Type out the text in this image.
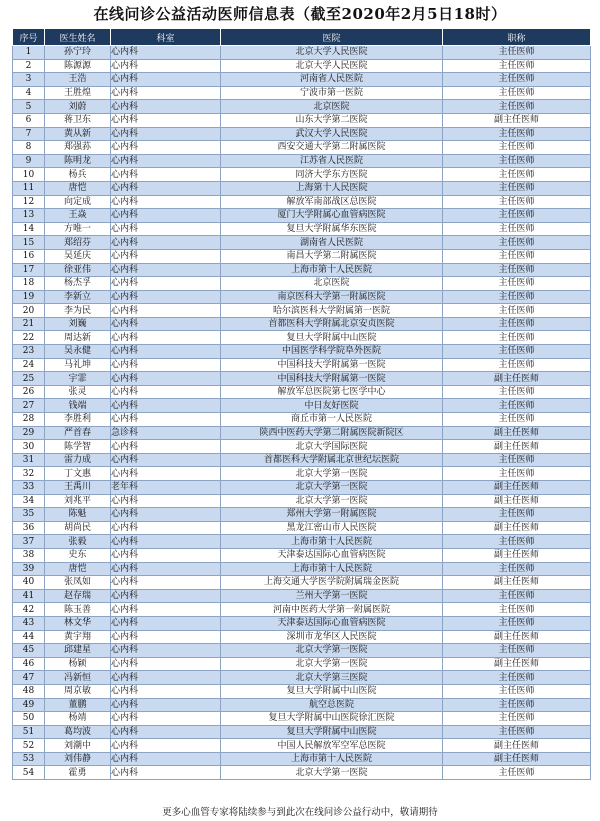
在线问诊公益活动医师信息表（截至2020年2月5日18时）
序号	医生姓名	科室	医院	职称
1	孙宁玲	心内科	北京大学人民医院	主任医师
2	陈源源	心内科	北京大学人民医院	主任医师
3	王浩	心内科	河南省人民医院	主任医师
4	王胜煌	心内科	宁波市第一医院	主任医师
5	刘蔚	心内科	北京医院	主任医师
6	蒋卫东	心内科	山东大学第二医院	副主任医师
7	黄从新	心内科	武汉大学人民医院	主任医师
8	郑强荪	心内科	西安交通大学第二附属医院	主任医师
9	陈明龙	心内科	江苏省人民医院	主任医师
10	杨兵	心内科	同济大学东方医院	主任医师
11	唐恺	心内科	上海第十人民医院	主任医师
12	向定成	心内科	解放军南部战区总医院	主任医师
13	王焱	心内科	厦门大学附属心血管病医院	主任医师
14	方唯一	心内科	复旦大学附属华东医院	主任医师
15	郑绍芬	心内科	湖南省人民医院	主任医师
16	吴延庆	心内科	南昌大学第二附属医院	主任医师
17	徐亚伟	心内科	上海市第十人民医院	主任医师
18	杨杰孚	心内科	北京医院	主任医师
19	李新立	心内科	南京医科大学第一附属医院	主任医师
20	李为民	心内科	哈尔滨医科大学附属第一医院	主任医师
21	刘巍	心内科	首都医科大学附属北京安贞医院	主任医师
22	周达新	心内科	复旦大学附属中山医院	主任医师
23	吴永健	心内科	中国医学科学院阜外医院	主任医师
24	马礼坤	心内科	中国科技大学附属第一医院	主任医师
25	宇霏	心内科	中国科技大学附属第一医院	副主任医师
26	张灵	心内科	解放军总医院第七医学中心	主任医师
27	钱端	心内科	中日友好医院	主任医师
28	李胜利	心内科	商丘市第一人民医院	主任医师
29	严首春	急诊科	陕西中医药大学第二附属医院新院区	副主任医师
30	陈学智	心内科	北京大学国际医院	副主任医师
31	雷力成	心内科	首都医科大学附属北京世纪坛医院	主任医师
32	丁文惠	心内科	北京大学第一医院	主任医师
33	王禹川	老年科	北京大学第一医院	副主任医师
34	刘兆平	心内科	北京大学第一医院	副主任医师
35	陈魁	心内科	郑州大学第一附属医院	主任医师
36	胡尚民	心内科	黑龙江密山市人民医院	副主任医师
37	张毅	心内科	上海市第十人民医院	主任医师
38	史东	心内科	天津泰达国际心血管病医院	副主任医师
39	唐恺	心内科	上海市第十人民医院	主任医师
40	张凤如	心内科	上海交通大学医学院附属瑞金医院	副主任医师
41	赵存瑞	心内科	兰州大学第一医院	主任医师
42	陈玉善	心内科	河南中医药大学第一附属医院	主任医师
43	林文华	心内科	天津泰达国际心血管病医院	主任医师
44	黄宇翔	心内科	深圳市龙华区人民医院	副主任医师
45	邱建星	心内科	北京大学第一医院	主任医师
46	杨颖	心内科	北京大学第一医院	副主任医师
47	冯新恒	心内科	北京大学第三医院	主任医师
48	周京敏	心内科	复旦大学附属中山医院	主任医师
49	董鹏	心内科	航空总医院	主任医师
50	杨靖	心内科	复旦大学附属中山医院徐汇医院	主任医师
51	葛均波	心内科	复旦大学附属中山医院	主任医师
52	刘潮中	心内科	中国人民解放军空军总医院	副主任医师
53	刘伟静	心内科	上海市第十人民医院	副主任医师
54	霍勇	心内科	北京大学第一医院	主任医师
更多心血管专家将陆续参与到此次在线问诊公益行动中，敬请期待
